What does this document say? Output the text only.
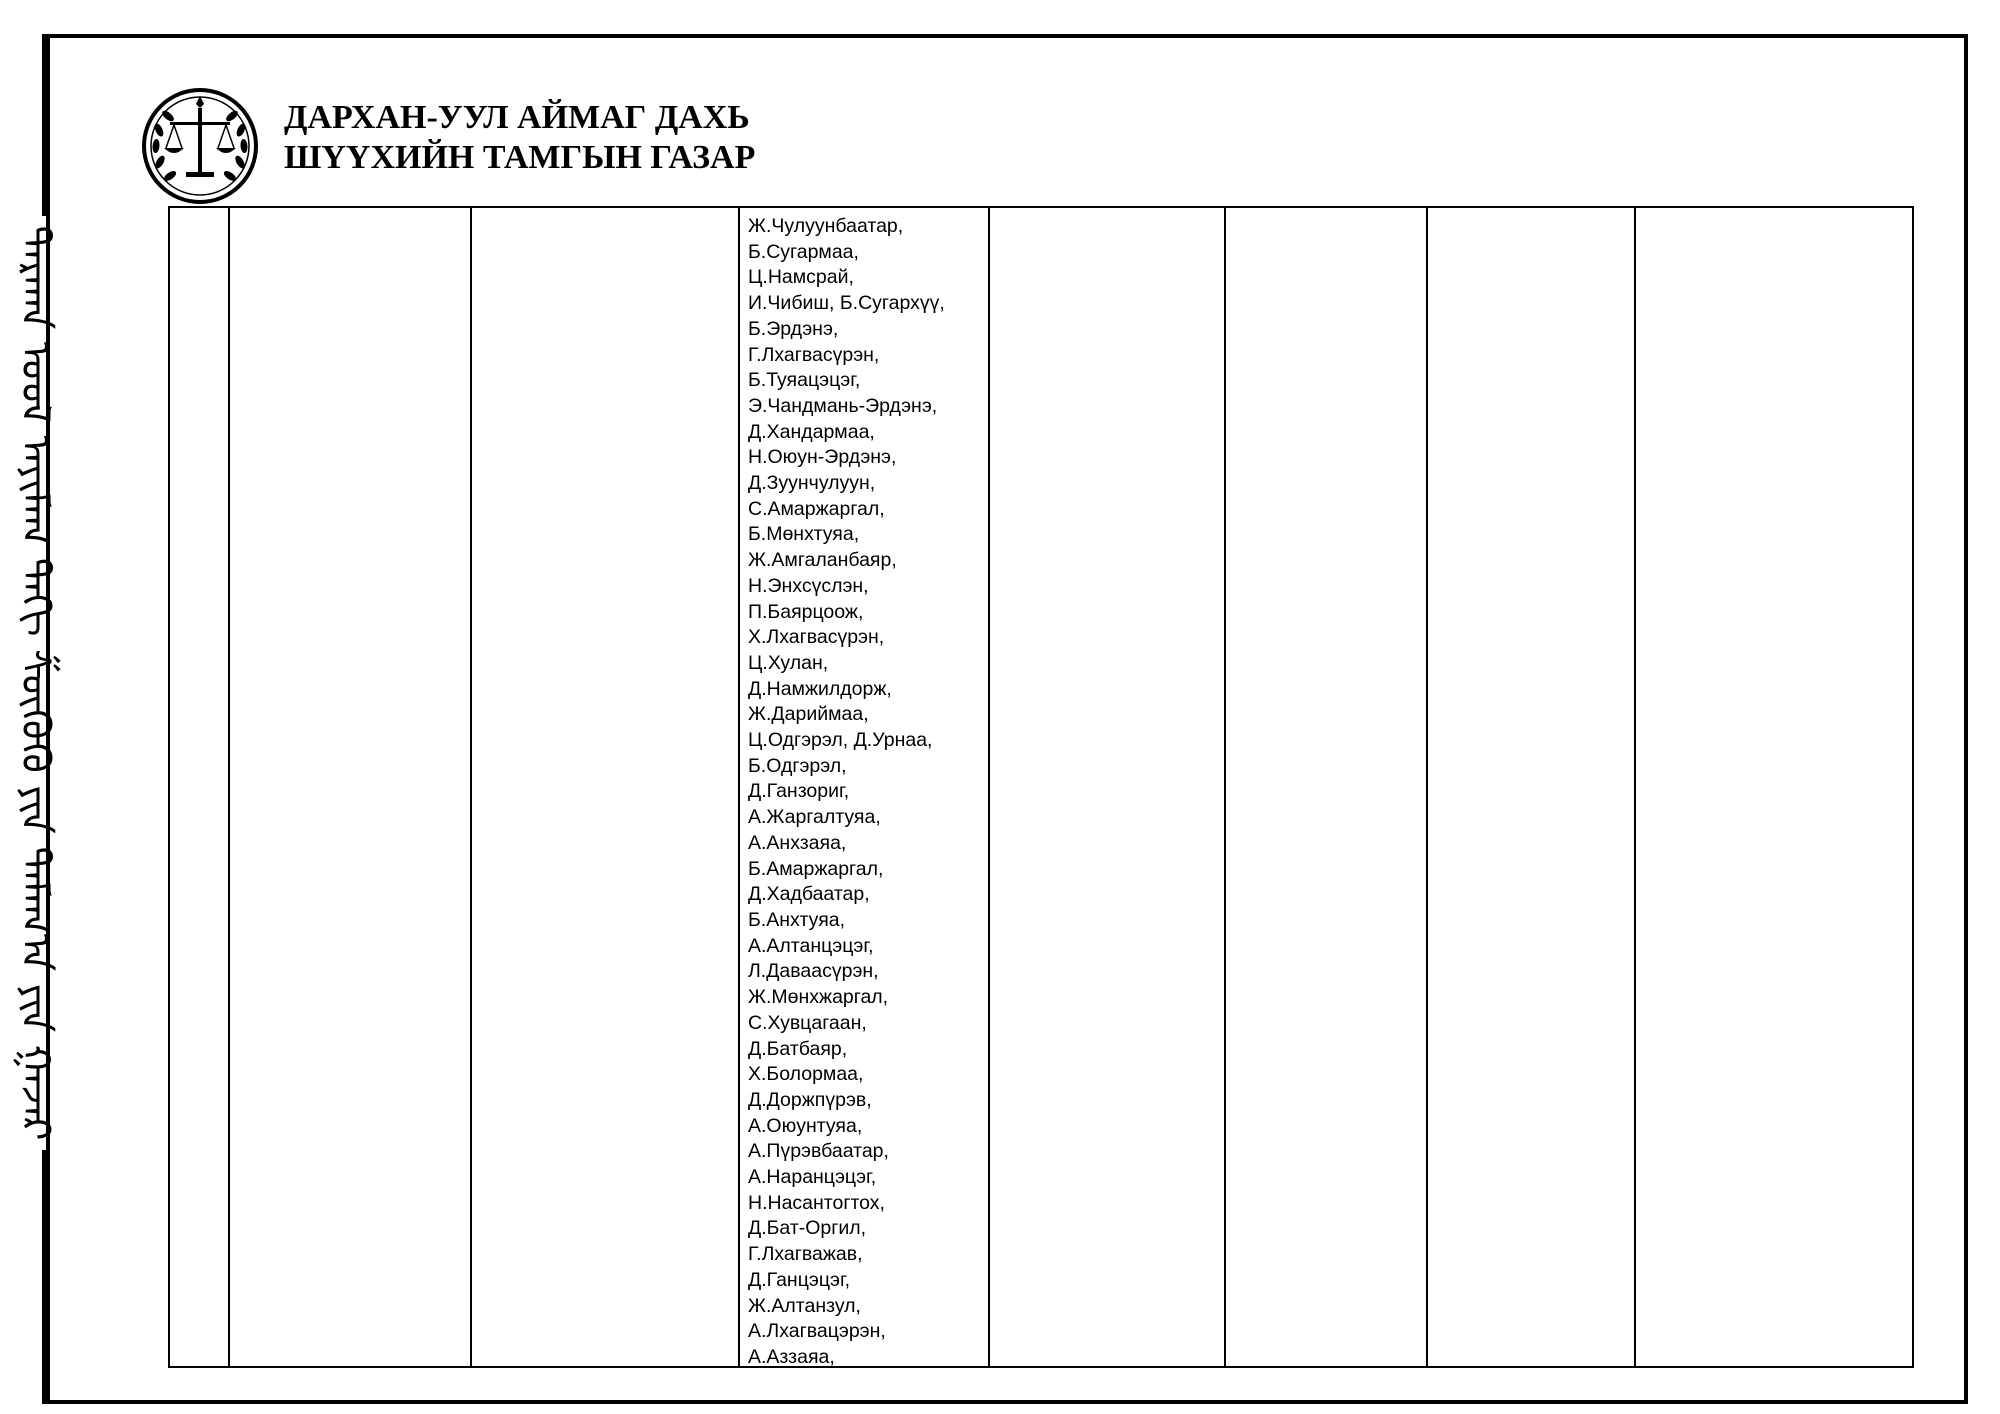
ᠳᠠᠷᠬᠠᠨ ᠤᠤᠯ ᠠᠶᠢᠮᠠᠭ ᠳᠠᠬᠢ ᠱᠦᠭᠦᠬᠦ ᠶᠢᠨ ᠲᠠᠮᠠᠭ᠎ᠠ ᠶᠢᠨ ᠭᠠᠵᠠᠷ
ДАРХАН-УУЛ АЙМАГ ДАХЬ
ШҮҮХИЙН ТАМГЫН ГАЗАР
Ж.Чулуунбаатар,
Б.Сугармаа,
Ц.Намсрай,
И.Чибиш, Б.Сугархүү,
Б.Эрдэнэ,
Г.Лхагвасүрэн,
Б.Туяацэцэг,
Э.Чандмань-Эрдэнэ,
Д.Хандармаа,
Н.Оюун-Эрдэнэ,
Д.Зуунчулуун,
С.Амаржаргал,
Б.Мөнхтуяа,
Ж.Амгаланбаяр,
Н.Энхсүслэн,
П.Баярцоож,
Х.Лхагвасүрэн,
Ц.Хулан,
Д.Намжилдорж,
Ж.Дариймаа,
Ц.Одгэрэл, Д.Урнаа,
Б.Одгэрэл,
Д.Ганзориг,
А.Жаргалтуяа,
А.Анхзаяа,
Б.Амаржаргал,
Д.Хадбаатар,
Б.Анхтуяа,
А.Алтанцэцэг,
Л.Даваасүрэн,
Ж.Мөнхжаргал,
С.Хувцагаан,
Д.Батбаяр,
Х.Болормаа,
Д.Доржпүрэв,
А.Оюунтуяа,
А.Пүрэвбаатар,
А.Наранцэцэг,
Н.Насантогтох,
Д.Бат-Оргил,
Г.Лхагважав,
Д.Ганцэцэг,
Ж.Алтанзул,
А.Лхагвацэрэн,
А.Аззаяа,
